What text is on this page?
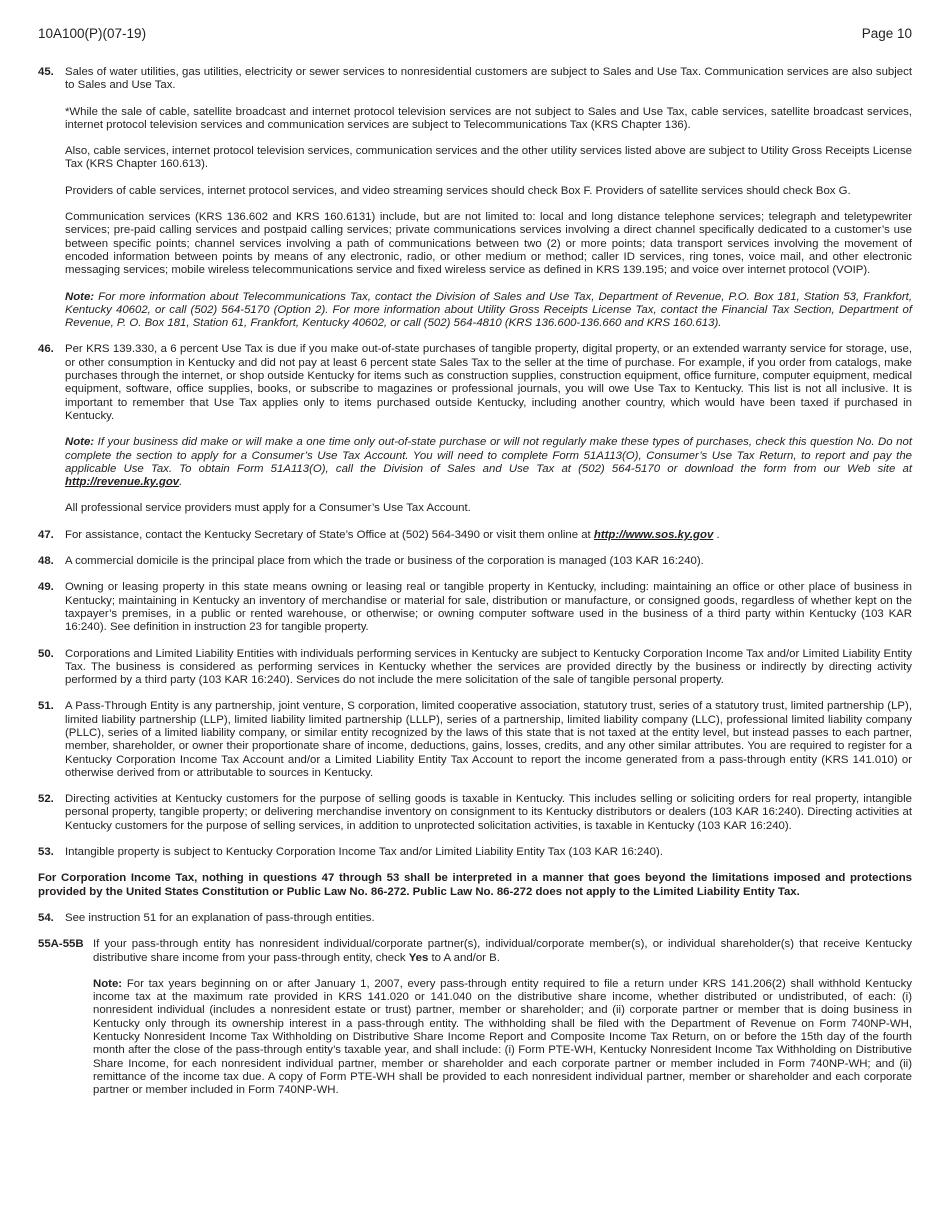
10A100(P)(07-19)	Page 10
45. Sales of water utilities, gas utilities, electricity or sewer services to nonresidential customers are subject to Sales and Use Tax. Communication services are also subject to Sales and Use Tax.

*While the sale of cable, satellite broadcast and internet protocol television services are not subject to Sales and Use Tax, cable services, satellite broadcast services, internet protocol television services and communication services are subject to Telecommunications Tax (KRS Chapter 136).

Also, cable services, internet protocol television services, communication services and the other utility services listed above are subject to Utility Gross Receipts License Tax (KRS Chapter 160.613).

Providers of cable services, internet protocol services, and video streaming services should check Box F. Providers of satellite services should check Box G.

Communication services (KRS 136.602 and KRS 160.6131) include, but are not limited to: local and long distance telephone services; telegraph and teletypewriter services; pre-paid calling services and postpaid calling services; private communications services involving a direct channel specifically dedicated to a customer’s use between specific points; channel services involving a path of communications between two (2) or more points; data transport services involving the movement of encoded information between points by means of any electronic, radio, or other medium or method; caller ID services, ring tones, voice mail, and other electronic messaging services; mobile wireless telecommunications service and fixed wireless service as defined in KRS 139.195; and voice over internet protocol (VOIP).

Note: For more information about Telecommunications Tax, contact the Division of Sales and Use Tax, Department of Revenue, P.O. Box 181, Station 53, Frankfort, Kentucky 40602, or call (502) 564-5170 (Option 2). For more information about Utility Gross Receipts License Tax, contact the Financial Tax Section, Department of Revenue, P. O. Box 181, Station 61, Frankfort, Kentucky 40602, or call (502) 564-4810 (KRS 136.600-136.660 and KRS 160.613).

46. Per KRS 139.330, a 6 percent Use Tax is due if you make out-of-state purchases of tangible property, digital property, or an extended warranty service for storage, use, or other consumption in Kentucky and did not pay at least 6 percent state Sales Tax to the seller at the time of purchase. For example, if you order from catalogs, make purchases through the internet, or shop outside Kentucky for items such as construction supplies, construction equipment, office furniture, computer equipment, medical equipment, software, office supplies, books, or subscribe to magazines or professional journals, you will owe Use Tax to Kentucky. This list is not all inclusive. It is important to remember that Use Tax applies only to items purchased outside Kentucky, including another country, which would have been taxed if purchased in Kentucky.

Note: If your business did make or will make a one time only out-of-state purchase or will not regularly make these types of purchases, check this question No. Do not complete the section to apply for a Consumer’s Use Tax Account. You will need to complete Form 51A113(O), Consumer’s Use Tax Return, to report and pay the applicable Use Tax. To obtain Form 51A113(O), call the Division of Sales and Use Tax at (502) 564-5170 or download the form from our Web site at http://revenue.ky.gov.

All professional service providers must apply for a Consumer’s Use Tax Account.

47. For assistance, contact the Kentucky Secretary of State’s Office at (502) 564-3490 or visit them online at http://www.sos.ky.gov .

48. A commercial domicile is the principal place from which the trade or business of the corporation is managed (103 KAR 16:240).

49. Owning or leasing property in this state means owning or leasing real or tangible property in Kentucky, including: maintaining an office or other place of business in Kentucky; maintaining in Kentucky an inventory of merchandise or material for sale, distribution or manufacture, or consigned goods, regardless of whether kept on the taxpayer’s premises, in a public or rented warehouse, or otherwise; or owning computer software used in the business of a third party within Kentucky (103 KAR 16:240). See definition in instruction 23 for tangible property.

50. Corporations and Limited Liability Entities with individuals performing services in Kentucky are subject to Kentucky Corporation Income Tax and/or Limited Liability Entity Tax. The business is considered as performing services in Kentucky whether the services are provided directly by the business or indirectly by directing activity performed by a third party (103 KAR 16:240). Services do not include the mere solicitation of the sale of tangible personal property.

51. A Pass-Through Entity is any partnership, joint venture, S corporation, limited cooperative association, statutory trust, series of a statutory trust, limited partnership (LP), limited liability partnership (LLP), limited liability limited partnership (LLLP), series of a partnership, limited liability company (LLC), professional limited liability company (PLLC), series of a limited liability company, or similar entity recognized by the laws of this state that is not taxed at the entity level, but instead passes to each partner, member, shareholder, or owner their proportionate share of income, deductions, gains, losses, credits, and any other similar attributes. You are required to register for a Kentucky Corporation Income Tax Account and/or a Limited Liability Entity Tax Account to report the income generated from a pass-through entity (KRS 141.010) or otherwise derived from or attributable to sources in Kentucky.

52. Directing activities at Kentucky customers for the purpose of selling goods is taxable in Kentucky. This includes selling or soliciting orders for real property, intangible personal property, tangible property; or delivering merchandise inventory on consignment to its Kentucky distributors or dealers (103 KAR 16:240). Directing activities at Kentucky customers for the purpose of selling services, in addition to unprotected solicitation activities, is taxable in Kentucky (103 KAR 16:240).

53. Intangible property is subject to Kentucky Corporation Income Tax and/or Limited Liability Entity Tax (103 KAR 16:240).

For Corporation Income Tax, nothing in questions 47 through 53 shall be interpreted in a manner that goes beyond the limitations imposed and protections provided by the United States Constitution or Public Law No. 86-272. Public Law No. 86-272 does not apply to the Limited Liability Entity Tax.

54. See instruction 51 for an explanation of pass-through entities.

55A-55B If your pass-through entity has nonresident individual/corporate partner(s), individual/corporate member(s), or individual shareholder(s) that receive Kentucky distributive share income from your pass-through entity, check Yes to A and/or B.

Note: For tax years beginning on or after January 1, 2007, every pass-through entity required to file a return under KRS 141.206(2) shall withhold Kentucky income tax at the maximum rate provided in KRS 141.020 or 141.040 on the distributive share income, whether distributed or undistributed, of each: (i) nonresident individual (includes a nonresident estate or trust) partner, member or shareholder; and (ii) corporate partner or member that is doing business in Kentucky only through its ownership interest in a pass-through entity. The withholding shall be filed with the Department of Revenue on Form 740NP-WH, Kentucky Nonresident Income Tax Withholding on Distributive Share Income Report and Composite Income Tax Return, on or before the 15th day of the fourth month after the close of the pass-through entity’s taxable year, and shall include: (i) Form PTE-WH, Kentucky Nonresident Income Tax Withholding on Distributive Share Income, for each nonresident individual partner, member or shareholder and each corporate partner or member included in Form 740NP-WH; and (ii) remittance of the income tax due. A copy of Form PTE-WH shall be provided to each nonresident individual partner, member or shareholder and each corporate partner or member included in Form 740NP-WH.
